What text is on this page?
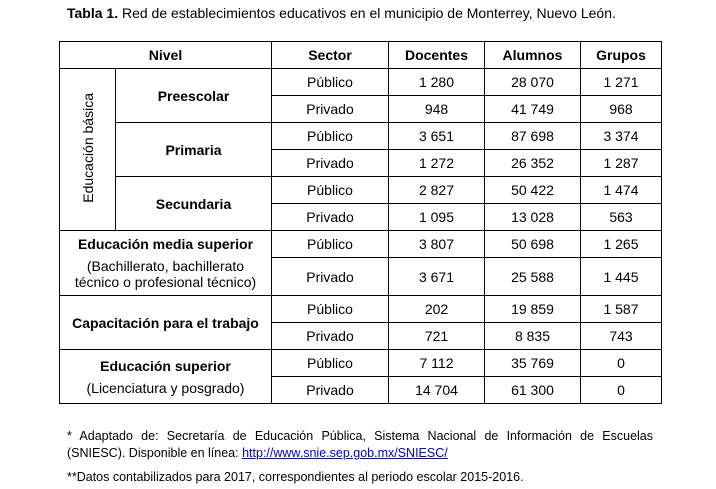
Tabla 1. Red de establecimientos educativos en el municipio de Monterrey, Nuevo León.
Nivel		Sector	Docentes	Alumnos	Grupos
Educación básica	Preescolar	Público	1 280	28 070	1 271
		Privado	948	41 749	968
	Primaria	Público	3 651	87 698	3 374
		Privado	1 272	26 352	1 287
	Secundaria	Público	2 827	50 422	1 474
		Privado	1 095	13 028	563

Educación media superior
(Bachillerato, bachillerato técnico o profesional técnico)		Público	3 807	50 698	1 265
		Privado	3 671	25 588	1 445
Capacitación para el trabajo		Público	202	19 859	1 587
		Privado	721	8 835	743

Educación superior
(Licenciatura y posgrado)		Público	7 112	35 769	0
		Privado	14 704	61 300	0
* Adaptado de: Secretaría de Educación Pública, Sistema Nacional de Información de Escuelas (SNIESC). Disponible en línea: http://www.snie.sep.gob.mx/SNIESC/
**Datos contabilizados para 2017, correspondientes al periodo escolar 2015-2016.
